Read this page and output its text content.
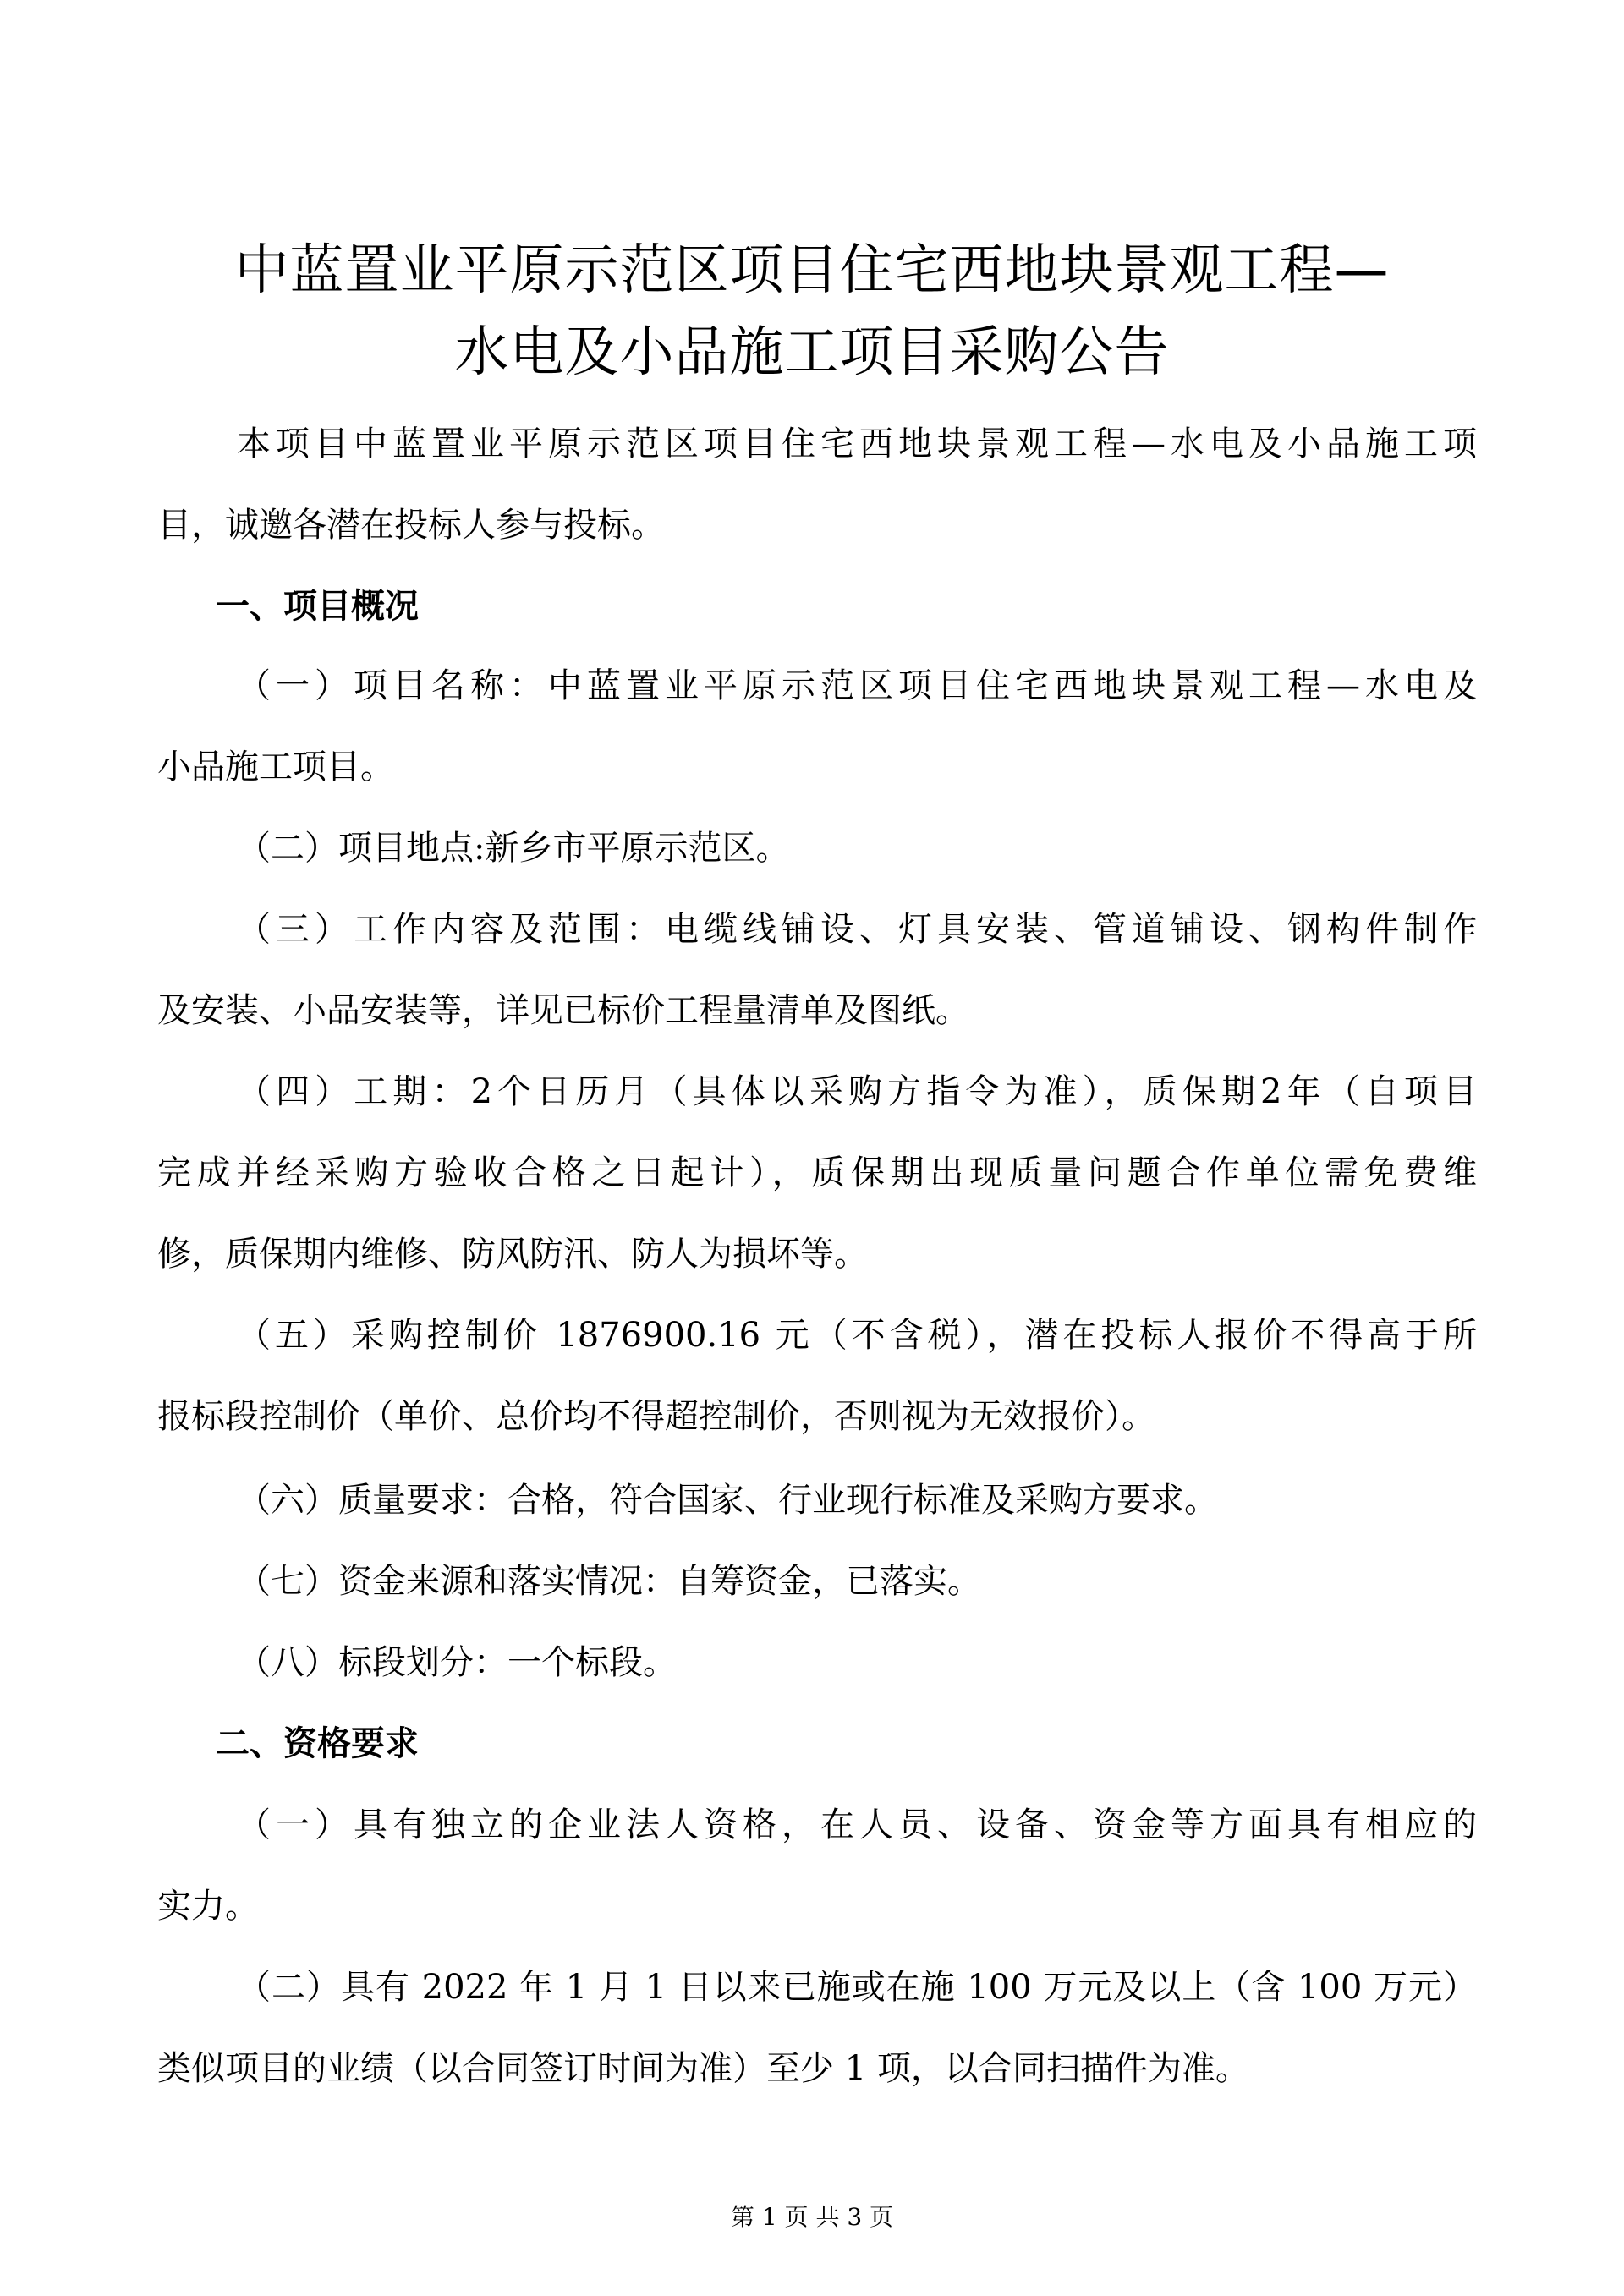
中蓝置业平原示范区项目住宅西地块景观工程—
水电及小品施工项目采购公告
本项目中蓝置业平原示范区项目住宅西地块景观工程—水电及小品施工项
目，诚邀各潜在投标人参与投标。
一、项目概况
（一）项目名称：中蓝置业平原示范区项目住宅西地块景观工程—水电及
小品施工项目。
（二）项目地点:新乡市平原示范区。
（三）工作内容及范围：电缆线铺设、灯具安装、管道铺设、钢构件制作
及安装、小品安装等，详见已标价工程量清单及图纸。
（四）工期：2个日历月（具体以采购方指令为准），质保期2年（自项目
完成并经采购方验收合格之日起计），质保期出现质量问题合作单位需免费维
修，质保期内维修、防风防汛、防人为损坏等。
（五）采购控制价 1876900.16 元（不含税），潜在投标人报价不得高于所
报标段控制价（单价、总价均不得超控制价，否则视为无效报价）。
（六）质量要求：合格，符合国家、行业现行标准及采购方要求。
（七）资金来源和落实情况：自筹资金，已落实。
（八）标段划分：一个标段。
二、资格要求
（一）具有独立的企业法人资格，在人员、设备、资金等方面具有相应的
实力。
（二）具有 2022 年 1 月 1 日以来已施或在施 100 万元及以上（含 100 万元）
类似项目的业绩（以合同签订时间为准）至少 1 项，以合同扫描件为准。
第 1 页 共 3 页
